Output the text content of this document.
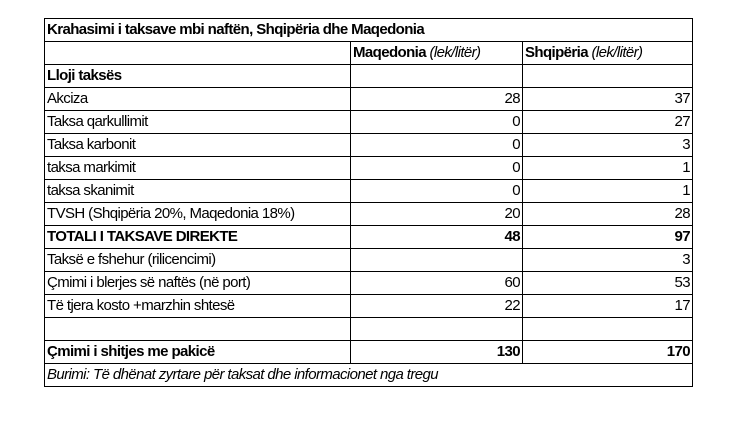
Krahasimi i taksave mbi naftën, Shqipëria dhe Maqedonia		
	Maqedonia (lek/litër)	Shqipëria (lek/litër)
Lloji taksës		
Akciza	28	37
Taksa qarkullimit	0	27
Taksa karbonit	0	3
taksa markimit	0	1
taksa skanimit	0	1
TVSH (Shqipëria 20%, Maqedonia 18%)	20	28
TOTALI I TAKSAVE DIREKTE	48	97
Taksë e fshehur (rilicencimi)		3
Çmimi i blerjes së naftës (në port)	60	53
Të tjera kosto +marzhin shtesë	22	17

Çmimi i shitjes me pakicë	130	170
Burimi: Të dhënat zyrtare për taksat dhe informacionet nga tregu		
